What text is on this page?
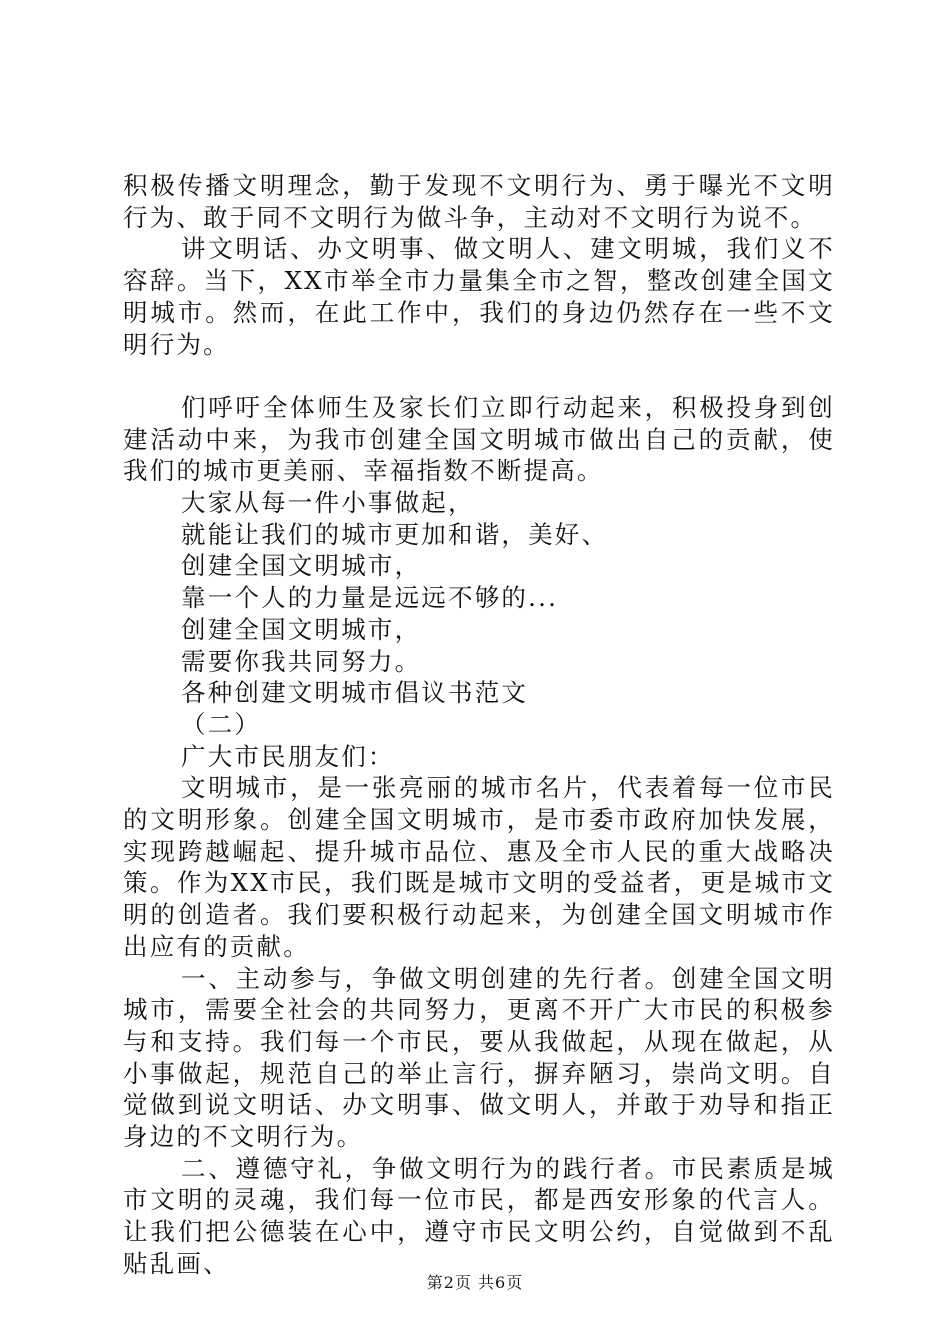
积极传播文明理念，勤于发现不文明行为、勇于曝光不文明行为、敢于同不文明行为做斗争，主动对不文明行为说不。

讲文明话、办文明事、做文明人、建文明城，我们义不容辞。当下，XX市举全市力量集全市之智，整改创建全国文明城市。然而，在此工作中，我们的身边仍然存在一些不文明行为。

们呼吁全体师生及家长们立即行动起来，积极投身到创建活动中来，为我市创建全国文明城市做出自己的贡献，使我们的城市更美丽、幸福指数不断提高。

大家从每一件小事做起，

就能让我们的城市更加和谐，美好、

创建全国文明城市，

靠一个人的力量是远远不够的...

创建全国文明城市，

需要你我共同努力。

各种创建文明城市倡议书范文

（二）

广大市民朋友们：

文明城市，是一张亮丽的城市名片，代表着每一位市民的文明形象。创建全国文明城市，是市委市政府加快发展，实现跨越崛起、提升城市品位、惠及全市人民的重大战略决策。作为XX市民，我们既是城市文明的受益者，更是城市文明的创造者。我们要积极行动起来，为创建全国文明城市作出应有的贡献。

一、主动参与，争做文明创建的先行者。创建全国文明城市，需要全社会的共同努力，更离不开广大市民的积极参与和支持。我们每一个市民，要从我做起，从现在做起，从小事做起，规范自己的举止言行，摒弃陋习，崇尚文明。自觉做到说文明话、办文明事、做文明人，并敢于劝导和指正身边的不文明行为。

二、遵德守礼，争做文明行为的践行者。市民素质是城市文明的灵魂，我们每一位市民，都是西安形象的代言人。让我们把公德装在心中，遵守市民文明公约，自觉做到不乱贴乱画、

第2页 共6页
